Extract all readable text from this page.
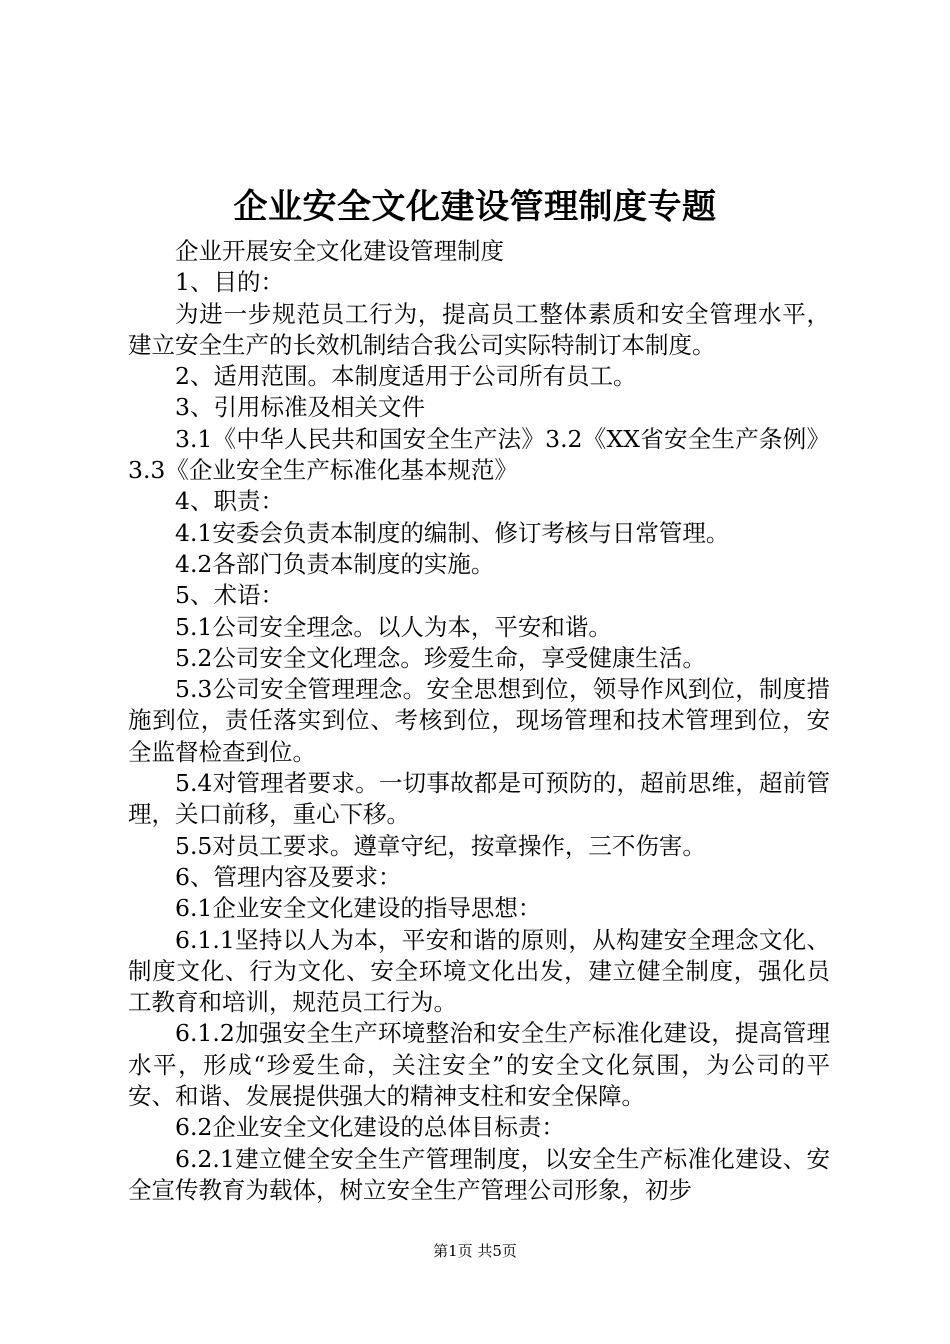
企业安全文化建设管理制度专题

企业开展安全文化建设管理制度

1、目的：

为进一步规范员工行为，提高员工整体素质和安全管理水平，建立安全生产的长效机制结合我公司实际特制订本制度。

2、适用范围。本制度适用于公司所有员工。

3、引用标准及相关文件

3.1《中华人民共和国安全生产法》3.2《XX省安全生产条例》3.3《企业安全生产标准化基本规范》

4、职责：

4.1安委会负责本制度的编制、修订考核与日常管理。

4.2各部门负责本制度的实施。

5、术语：

5.1公司安全理念。以人为本，平安和谐。

5.2公司安全文化理念。珍爱生命，享受健康生活。

5.3公司安全管理理念。安全思想到位，领导作风到位，制度措施到位，责任落实到位、考核到位，现场管理和技术管理到位，安全监督检查到位。

5.4对管理者要求。一切事故都是可预防的，超前思维，超前管理，关口前移，重心下移。

5.5对员工要求。遵章守纪，按章操作，三不伤害。

6、管理内容及要求：

6.1企业安全文化建设的指导思想：

6.1.1坚持以人为本，平安和谐的原则，从构建安全理念文化、制度文化、行为文化、安全环境文化出发，建立健全制度，强化员工教育和培训，规范员工行为。

6.1.2加强安全生产环境整治和安全生产标准化建设，提高管理水平，形成“珍爱生命，关注安全”的安全文化氛围，为公司的平安、和谐、发展提供强大的精神支柱和安全保障。

6.2企业安全文化建设的总体目标责：

6.2.1建立健全安全生产管理制度，以安全生产标准化建设、安全宣传教育为载体，树立安全生产管理公司形象，初步

第1页 共5页
